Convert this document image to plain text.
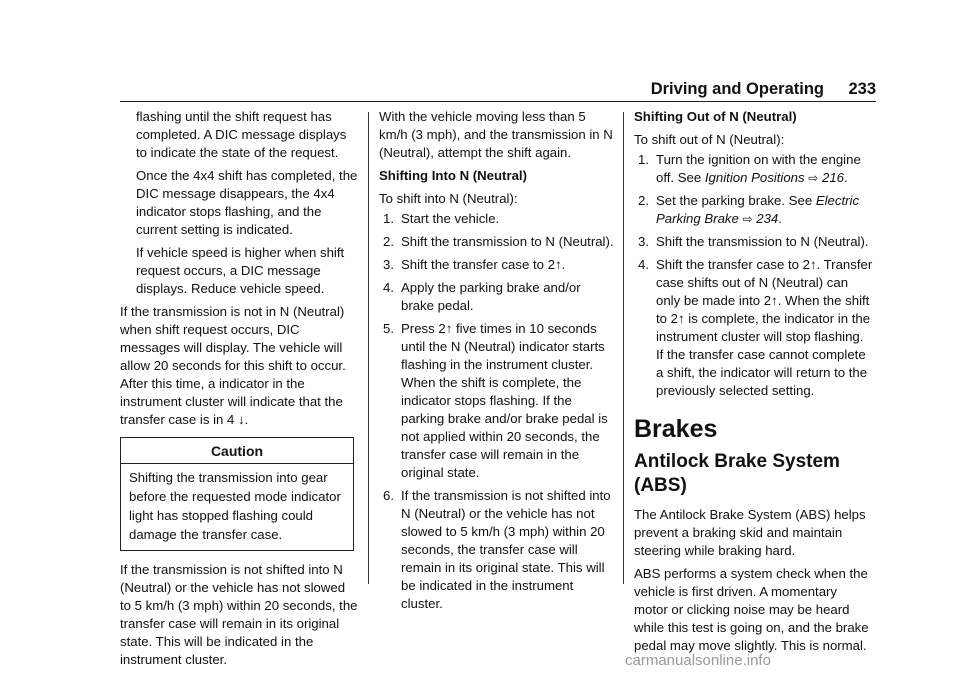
Driving and Operating 233

flashing until the shift request has completed. A DIC message displays to indicate the state of the request.

Once the 4x4 shift has completed, the DIC message disappears, the 4x4 indicator stops flashing, and the current setting is indicated.

If vehicle speed is higher when shift request occurs, a DIC message displays. Reduce vehicle speed.

If the transmission is not in N (Neutral) when shift request occurs, DIC messages will display. The vehicle will allow 20 seconds for this shift to occur. After this time, a indicator in the instrument cluster will indicate that the transfer case is in 4 ↓.

Caution
Shifting the transmission into gear before the requested mode indicator light has stopped flashing could damage the transfer case.

If the transmission is not shifted into N (Neutral) or the vehicle has not slowed to 5 km/h (3 mph) within 20 seconds, the transfer case will remain in its original state. This will be indicated in the instrument cluster.

With the vehicle moving less than 5 km/h (3 mph), and the transmission in N (Neutral), attempt the shift again.

Shifting Into N (Neutral)

To shift into N (Neutral):

1. Start the vehicle.
2. Shift the transmission to N (Neutral).
3. Shift the transfer case to 2↑.
4. Apply the parking brake and/or brake pedal.
5. Press 2↑ five times in 10 seconds until the N (Neutral) indicator starts flashing in the instrument cluster. When the shift is complete, the indicator stops flashing. If the parking brake and/or brake pedal is not applied within 20 seconds, the transfer case will remain in the original state.
6. If the transmission is not shifted into N (Neutral) or the vehicle has not slowed to 5 km/h (3 mph) within 20 seconds, the transfer case will remain in its original state. This will be indicated in the instrument cluster.

Shifting Out of N (Neutral)

To shift out of N (Neutral):

1. Turn the ignition on with the engine off. See Ignition Positions ⇨ 216.
2. Set the parking brake. See Electric Parking Brake ⇨ 234.
3. Shift the transmission to N (Neutral).
4. Shift the transfer case to 2↑. Transfer case shifts out of N (Neutral) can only be made into 2↑. When the shift to 2↑ is complete, the indicator in the instrument cluster will stop flashing. If the transfer case cannot complete a shift, the indicator will return to the previously selected setting.
Brakes
Antilock Brake System (ABS)

The Antilock Brake System (ABS) helps prevent a braking skid and maintain steering while braking hard.

ABS performs a system check when the vehicle is first driven. A momentary motor or clicking noise may be heard while this test is going on, and the brake pedal may move slightly. This is normal.

carmanualsonline.info
